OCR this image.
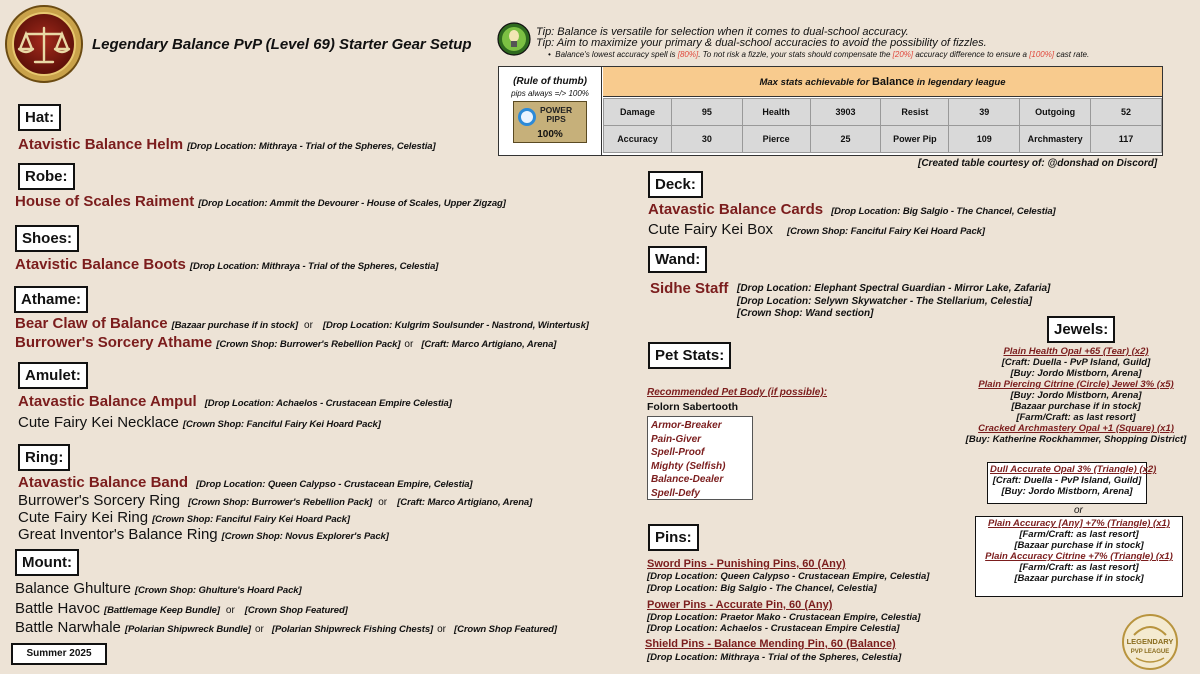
Legendary Balance PvP (Level 69) Starter Gear Setup
Tip: Balance is versatile for selection when it comes to dual-school accuracy.
Tip: Aim to maximize your primary & dual-school accuracies to avoid the possibility of fizzles.
•  Balance's lowest accuracy spell is [80%]. To not risk a fizzle, your stats should compensate the [20%] accuracy difference to ensure a [100%] cast rate.
(Rule of thumb)
pips always =/> 100%
POWER
PIPS
100%
Max stats achievable for Balance in legendary league
Damage	95	Health	3903	Resist	39	Outgoing	52
Accuracy	30	Pierce	25	Power Pip	109	Archmastery	117
[Created table courtesy of: @donshad on Discord]
Hat:
Atavistic Balance Helm [Drop Location: Mithraya - Trial of the Spheres, Celestia]
Robe:
House of Scales Raiment [Drop Location: Ammit the Devourer - House of Scales, Upper Zigzag]
Shoes:
Atavistic Balance Boots [Drop Location: Mithraya - Trial of the Spheres, Celestia]
Athame:
Bear Claw of Balance [Bazaar purchase if in stock] or [Drop Location: Kulgrim Soulsunder - Nastrond, Wintertusk]
Burrower's Sorcery Athame [Crown Shop: Burrower's Rebellion Pack] or [Craft: Marco Artigiano, Arena]
Amulet:
Atavastic Balance Ampul [Drop Location: Achaelos - Crustacean Empire Celestia]
Cute Fairy Kei Necklace [Crown Shop: Fanciful Fairy Kei Hoard Pack]
Ring:
Atavastic Balance Band [Drop Location: Queen Calypso - Crustacean Empire, Celestia]
Burrower's Sorcery Ring [Crown Shop: Burrower's Rebellion Pack] or [Craft: Marco Artigiano, Arena]
Cute Fairy Kei Ring [Crown Shop: Fanciful Fairy Kei Hoard Pack]
Great Inventor's Balance Ring [Crown Shop: Novus Explorer's Pack]
Mount:
Balance Ghulture [Crown Shop: Ghulture's Hoard Pack]
Battle Havoc [Battlemage Keep Bundle] or [Crown Shop Featured]
Battle Narwhale [Polarian Shipwreck Bundle] or [Polarian Shipwreck Fishing Chests] or [Crown Shop Featured]
Summer 2025
Deck:
Atavastic Balance Cards [Drop Location: Big Salgio - The Chancel, Celestia]
Cute Fairy Kei Box [Crown Shop: Fanciful Fairy Kei Hoard Pack]
Wand:
Sidhe Staff [Drop Location: Elephant Spectral Guardian - Mirror Lake, Zafaria]
[Drop Location: Selywn Skywatcher - The Stellarium, Celestia]
[Crown Shop: Wand section]
Pet Stats:
Recommended Pet Body (if possible):
Folorn Sabertooth
Armor-Breaker
Pain-Giver
Spell-Proof
Mighty (Selfish)
Balance-Dealer
Spell-Defy
Pins:
Sword Pins - Punishing Pins, 60 (Any)
[Drop Location: Queen Calypso - Crustacean Empire, Celestia]
[Drop Location: Big Salgio - The Chancel, Celestia]
Power Pins - Accurate Pin, 60 (Any)
[Drop Location: Praetor Mako - Crustacean Empire, Celestia]
[Drop Location: Achaelos - Crustacean Empire Celestia]
Shield Pins - Balance Mending Pin, 60 (Balance)
[Drop Location: Mithraya - Trial of the Spheres, Celestia]
Jewels:
Plain Health Opal +65 (Tear) (x2)
[Craft: Duella - PvP Island, Guild]
[Buy: Jordo Mistborn, Arena]
Plain Piercing Citrine (Circle) Jewel 3% (x5)
[Buy: Jordo Mistborn, Arena]
[Bazaar purchase if in stock]
[Farm/Craft: as last resort]
Cracked Archmastery Opal +1 (Square) (x1)
[Buy: Katherine Rockhammer, Shopping District]
Dull Accurate Opal 3% (Triangle) (x2)
[Craft: Duella - PvP Island, Guild]
[Buy: Jordo Mistborn, Arena]
or
Plain Accuracy [Any] +7% (Triangle) (x1)
[Farm/Craft: as last resort]
[Bazaar purchase if in stock]
Plain Accuracy Citrine +7% (Triangle) (x1)
[Farm/Craft: as last resort]
[Bazaar purchase if in stock]
LEGENDARY
PVP LEAGUE
